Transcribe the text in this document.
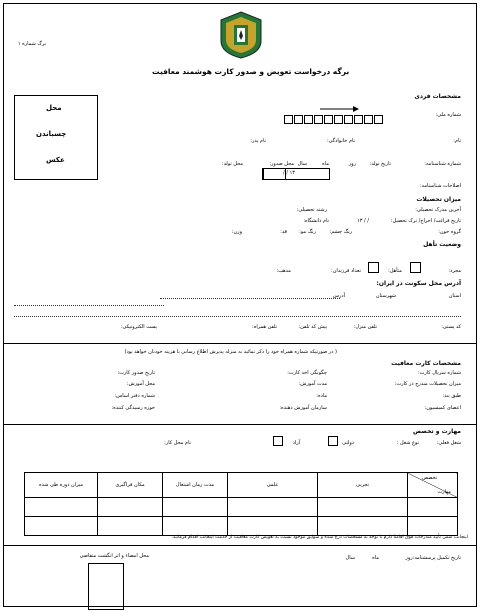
برگ شماره ۱
برگه درخواست تعویض و صدور کارت هوشمند معافیت
محل
چسباندن
عکس
مشخصات فردی
شماره ملی:
نام:
نام خانوادگی:
نام پدر:
شماره شناسنامه:
تاریخ تولد:
روز
ماه
سال
محل صدور:
محل تولد:
۱۳ / /
اصلاحات شناسنامه:
میزان تحصیلات
آخرین مدرک تحصیلی:
رشته تحصیلی:
تاریخ فراغت/ اخراج/ ترک تحصیل:
/ / ۱۳
نام دانشگاه:
گروه خون:
رنگ چشم:
رنگ مو:
قد:
وزن:
وضعیت تأهل
مجرد:
متأهل:
تعداد فرزندان:
مذهب:
آدرس محل سکونت در ایران:
استان
شهرستان
آدرس
کد پستی:
تلفن منزل:
پیش کد تلفن:
تلفن همراه:
پست الکترونیکی:
( در صورتیکه شماره همراه خود را ذکر نمائید به منزله پذیرش اطلاع رسانی با هزینه خودتان خواهد بود)
مشخصات کارت معافیت
شماره سریال کارت:
تاریخ صدور کارت:	چگونگی اخذ کارت:
مدت آموزش:	میزان تحصیلات مندرج در کارت:
محل آموزش:
طبق بند:
ماده:
شماره دفتر اساس:
اعضای کمیسیون:
سازمان آموزش دهنده:
حوزه رسیدگی کننده:
مهارت و تخصص
شغل فعلی:
نوع شغل :
دولتی
آزاد
نام محل کار:
تخصص
مهارت	تجربی	علمی	مدت زمان اشتغال	مکان فراگیری	میزان دوره طی شده

اینجانب ضمن تأیید مندرجات فوق اقامتا دارم با توجه به مشخصات درج شده و سوابق موجود نسبت به تعویض کارت معافیت از خدمت اینجانب اقدام فرمائید.
تاریخ تکمیل پرسشنامه:روز
ماه
سال
محل امضاء و اثر انگشت متقاضی
